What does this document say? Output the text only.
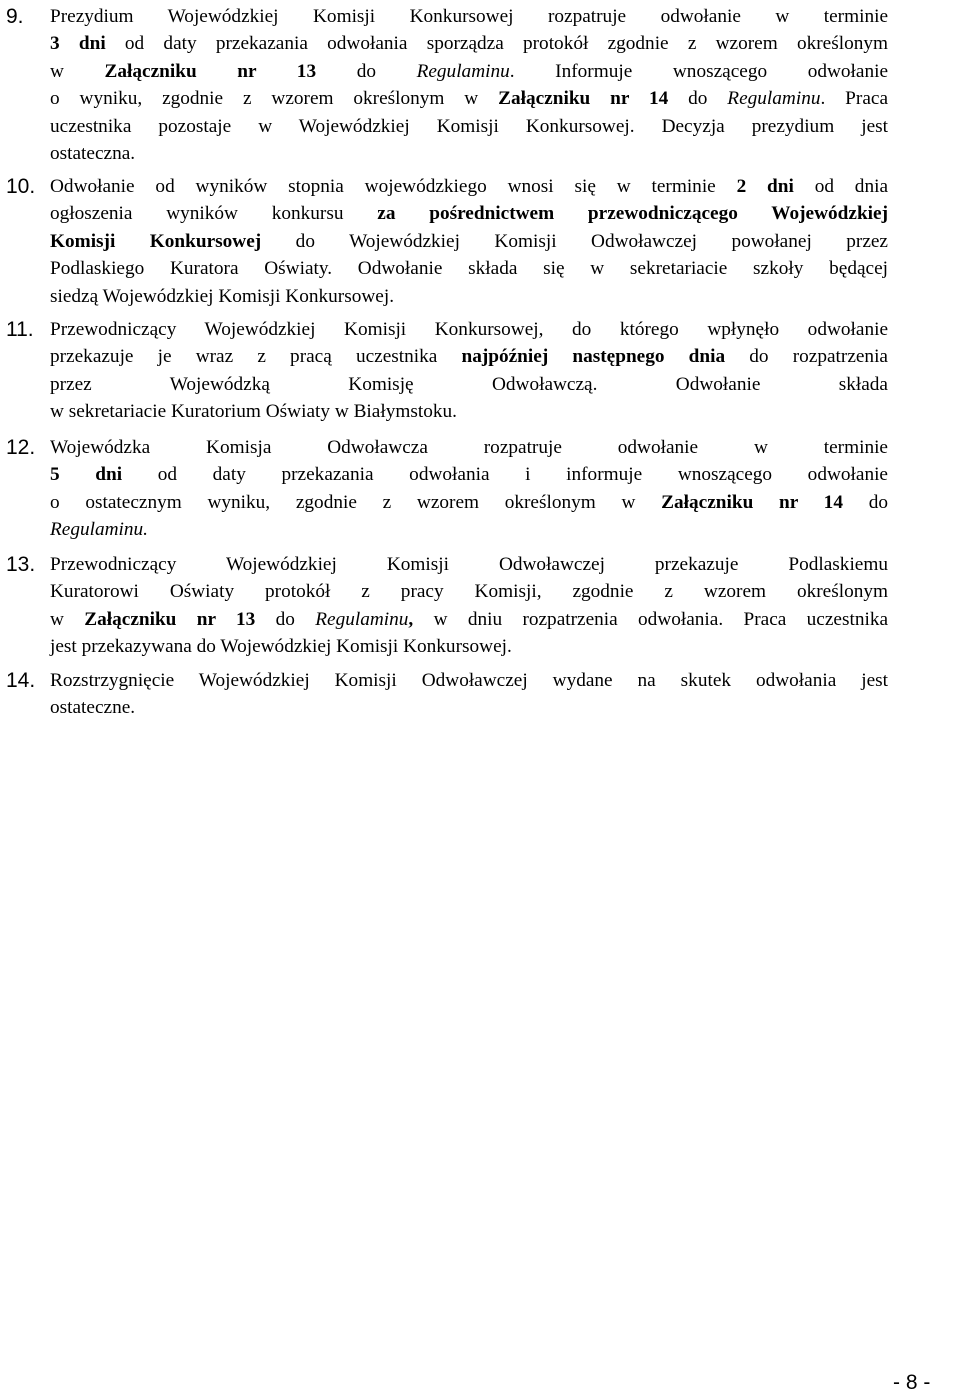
9. Prezydium Wojewódzkiej Komisji Konkursowej rozpatruje odwołanie w terminie
3 dni od daty przekazania odwołania sporządza protokół zgodnie z wzorem określonym
w Załączniku nr 13 do Regulaminu. Informuje wnoszącego odwołanie
o wyniku, zgodnie z wzorem określonym w Załączniku nr 14 do Regulaminu. Praca
uczestnika pozostaje w Wojewódzkiej Komisji Konkursowej. Decyzja prezydium jest
ostateczna.
10. Odwołanie od wyników stopnia wojewódzkiego wnosi się w terminie 2 dni od dnia
ogłoszenia wyników konkursu za pośrednictwem przewodniczącego Wojewódzkiej
Komisji Konkursowej do Wojewódzkiej Komisji Odwoławczej powołanej przez
Podlaskiego Kuratora Oświaty. Odwołanie składa się w sekretariacie szkoły będącej
siedzą Wojewódzkiej Komisji Konkursowej.
11. Przewodniczący Wojewódzkiej Komisji Konkursowej, do którego wpłynęło odwołanie
przekazuje je wraz z pracą uczestnika najpóźniej następnego dnia do rozpatrzenia
przez Wojewódzką Komisję Odwoławczą. Odwołanie składa
w sekretariacie Kuratorium Oświaty w Białymstoku.
12. Wojewódzka Komisja Odwoławcza rozpatruje odwołanie w terminie
5 dni od daty przekazania odwołania i informuje wnoszącego odwołanie
o ostatecznym wyniku, zgodnie z wzorem określonym w Załączniku nr 14 do
Regulaminu.
13. Przewodniczący Wojewódzkiej Komisji Odwoławczej przekazuje Podlaskiemu
Kuratorowi Oświaty protokół z pracy Komisji, zgodnie z wzorem określonym
w Załączniku nr 13 do Regulaminu, w dniu rozpatrzenia odwołania. Praca uczestnika
jest przekazywana do Wojewódzkiej Komisji Konkursowej.
14. Rozstrzygnięcie Wojewódzkiej Komisji Odwoławczej wydane na skutek odwołania jest
ostateczne.
- 8 -
